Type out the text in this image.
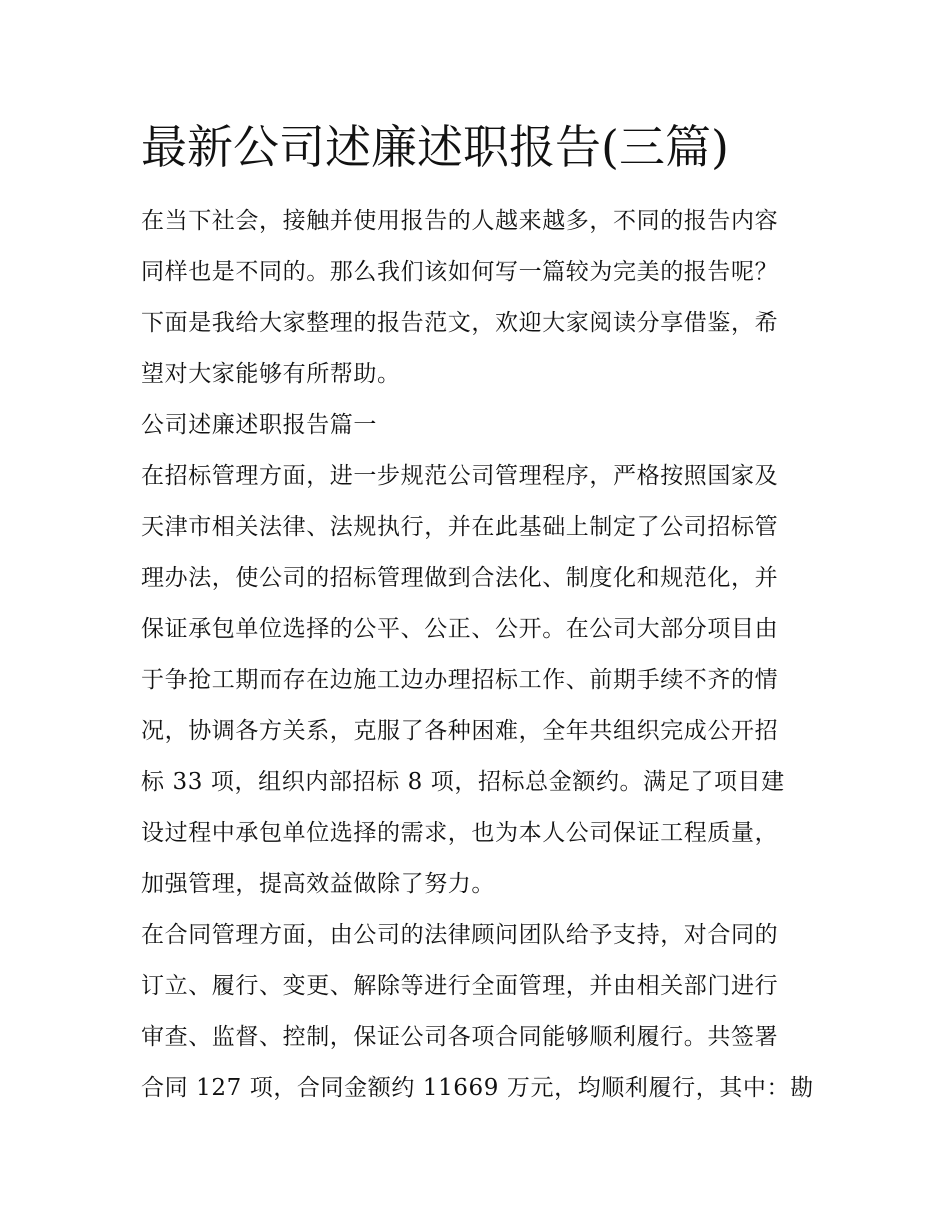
最新公司述廉述职报告(三篇)
在当下社会，接触并使用报告的人越来越多，不同的报告内容
同样也是不同的。那么我们该如何写一篇较为完美的报告呢？
下面是我给大家整理的报告范文，欢迎大家阅读分享借鉴，希
望对大家能够有所帮助。
公司述廉述职报告篇一
在招标管理方面，进一步规范公司管理程序，严格按照国家及
天津市相关法律、法规执行，并在此基础上制定了公司招标管
理办法，使公司的招标管理做到合法化、制度化和规范化，并
保证承包单位选择的公平、公正、公开。在公司大部分项目由
于争抢工期而存在边施工边办理招标工作、前期手续不齐的情
况，协调各方关系，克服了各种困难，全年共组织完成公开招
标 33 项，组织内部招标 8 项，招标总金额约。满足了项目建
设过程中承包单位选择的需求，也为本人公司保证工程质量，
加强管理，提高效益做除了努力。
在合同管理方面，由公司的法律顾问团队给予支持，对合同的
订立、履行、变更、解除等进行全面管理，并由相关部门进行
审查、监督、控制，保证公司各项合同能够顺利履行。共签署
合同 127 项，合同金额约 11669 万元，均顺利履行，其中：勘
